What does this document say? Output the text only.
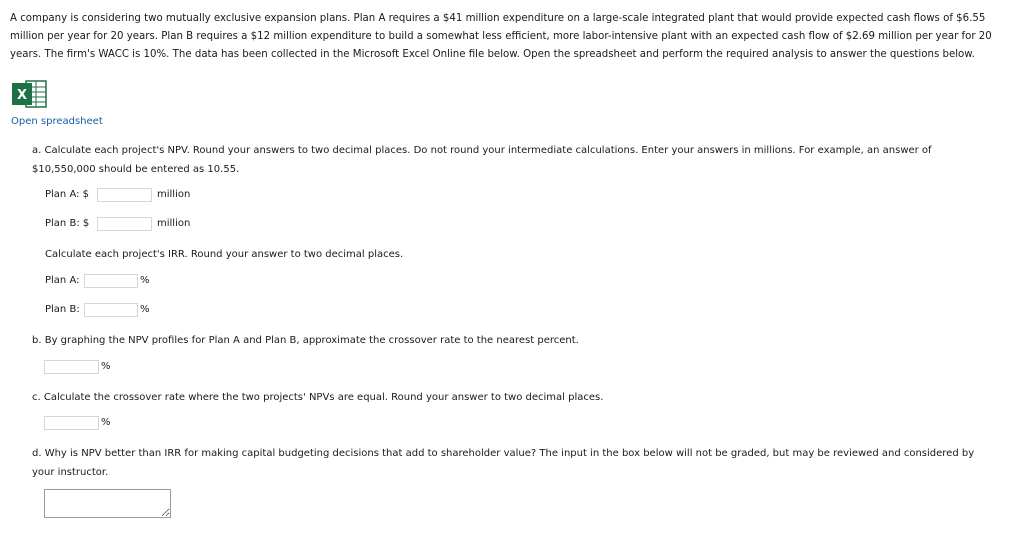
A company is considering two mutually exclusive expansion plans. Plan A requires a $41 million expenditure on a large-scale integrated plant that would provide expected cash flows of $6.55 million per year for 20 years. Plan B requires a $12 million expenditure to build a somewhat less efficient, more labor-intensive plant with an expected cash flow of $2.69 million per year for 20 years. The firm's WACC is 10%. The data has been collected in the Microsoft Excel Online file below. Open the spreadsheet and perform the required analysis to answer the questions below.
X
Open spreadsheet
a. Calculate each project's NPV. Round your answers to two decimal places. Do not round your intermediate calculations. Enter your answers in millions. For example, an answer of $10,550,000 should be entered as 10.55.
Plan A: $	million
Plan B: $	million
Calculate each project's IRR. Round your answer to two decimal places.
Plan A:	%
Plan B:	%
b. By graphing the NPV profiles for Plan A and Plan B, approximate the crossover rate to the nearest percent.
%
c. Calculate the crossover rate where the two projects' NPVs are equal. Round your answer to two decimal places.
%
d. Why is NPV better than IRR for making capital budgeting decisions that add to shareholder value? The input in the box below will not be graded, but may be reviewed and considered by your instructor.
